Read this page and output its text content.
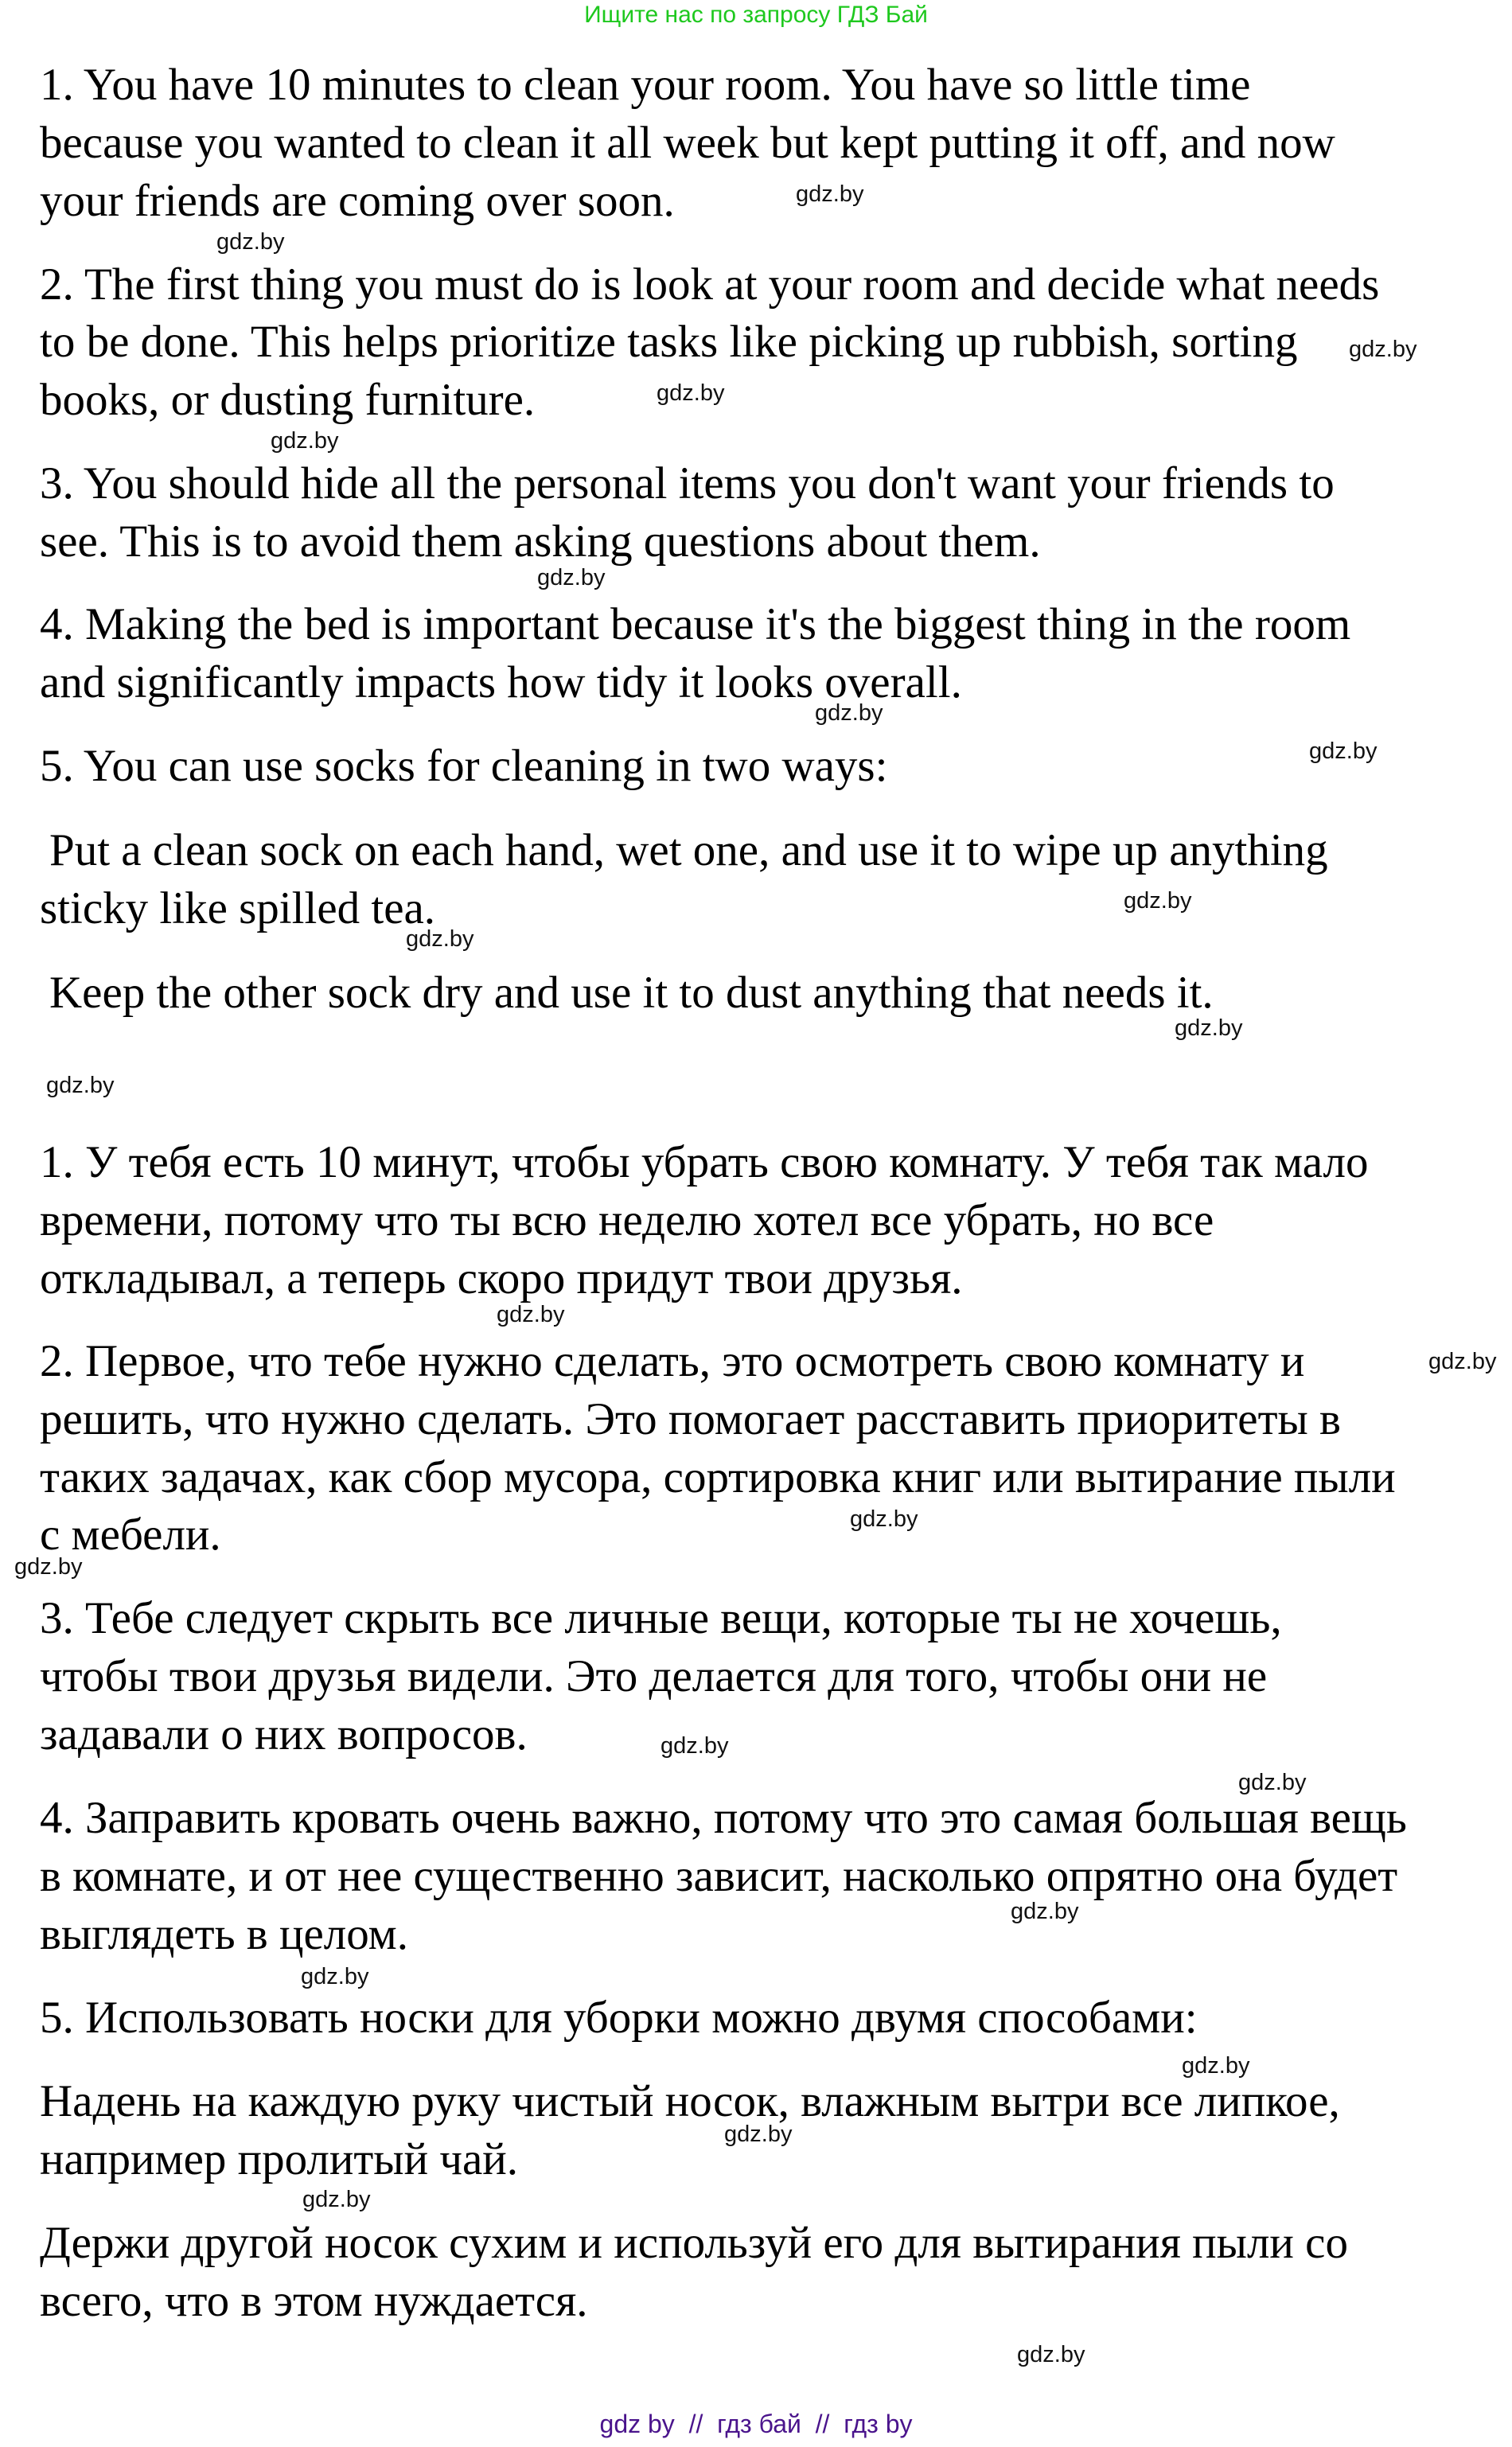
Ищите нас по запросу ГДЗ Бай
1. You have 10 minutes to clean your room. You have so little time
because you wanted to clean it all week but kept putting it off, and now
your friends are coming over soon.
2. The first thing you must do is look at your room and decide what needs
to be done. This helps prioritize tasks like picking up rubbish, sorting
books, or dusting furniture.
3. You should hide all the personal items you don't want your friends to
see. This is to avoid them asking questions about them.
4. Making the bed is important because it's the biggest thing in the room
and significantly impacts how tidy it looks overall.
5. You can use socks for cleaning in two ways:
Put a clean sock on each hand, wet one, and use it to wipe up anything
sticky like spilled tea.
Keep the other sock dry and use it to dust anything that needs it.
1. У тебя есть 10 минут, чтобы убрать свою комнату. У тебя так мало
времени, потому что ты всю неделю хотел все убрать, но все
откладывал, а теперь скоро придут твои друзья.
2. Первое, что тебе нужно сделать, это осмотреть свою комнату и
решить, что нужно сделать. Это помогает расставить приоритеты в
таких задачах, как сбор мусора, сортировка книг или вытирание пыли
с мебели.
3. Тебе следует скрыть все личные вещи, которые ты не хочешь,
чтобы твои друзья видели. Это делается для того, чтобы они не
задавали о них вопросов.
4. Заправить кровать очень важно, потому что это самая большая вещь
в комнате, и от нее существенно зависит, насколько опрятно она будет
выглядеть в целом.
5. Использовать носки для уборки можно двумя способами:
Надень на каждую руку чистый носок, влажным вытри все липкое,
например пролитый чай.
Держи другой носок сухим и используй его для вытирания пыли со
всего, что в этом нуждается.
gdz.by
gdz.by
gdz.by
gdz.by
gdz.by
gdz.by
gdz.by
gdz.by
gdz.by
gdz.by
gdz.by
gdz.by
gdz.by
gdz.by
gdz.by
gdz.by
gdz.by
gdz.by
gdz.by
gdz.by
gdz.by
gdz.by
gdz.by
gdz.by
gdz by  //  гдз бай  //  гдз by
